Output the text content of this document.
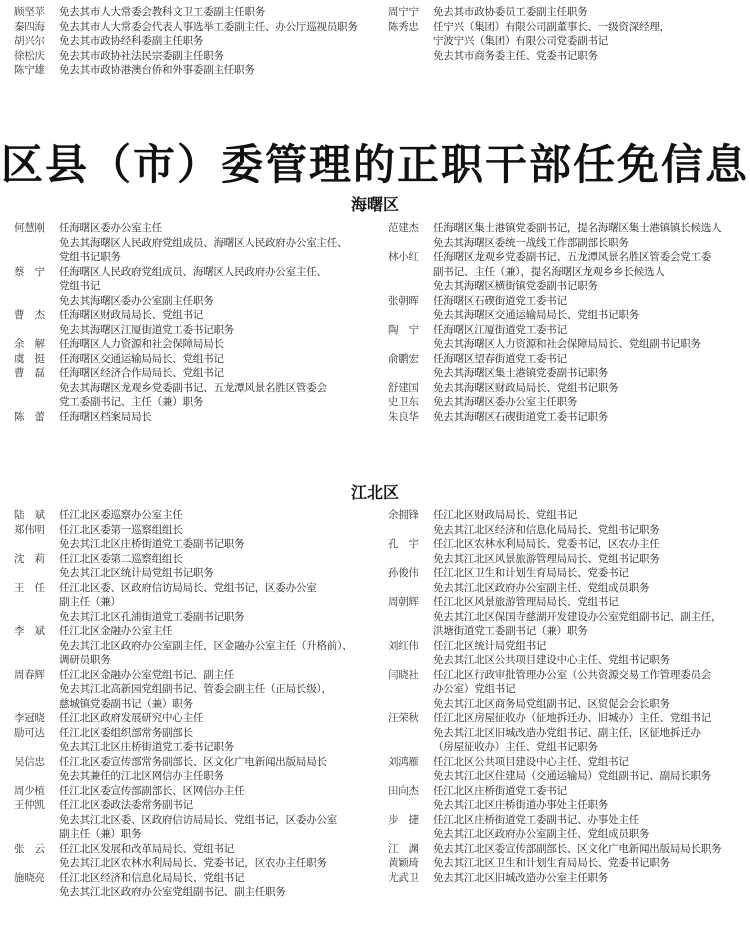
顾坚苹	免去其市人大常委会教科文卫工委副主任职务
秦四海	免去其市人大常委会代表人事选举工委副主任、办公厅巡视员职务
胡兴尔	免去其市政协经科委副主任职务
徐松庆	免去其市政协社法民宗委副主任职务
陈宁雄	免去其市政协港澳台侨和外事委副主任职务
周宁宁	免去其市政协委员工委副主任职务
陈秀忠	任宁兴（集团）有限公司副董事长、一级资深经理，
宁波宁兴（集团）有限公司党委副书记
免去其市商务委主任、党委书记职务
区县（市）委管理的正职干部任免信息
海曙区
何慧刚	任海曙区委办公室主任
免去其海曙区人民政府党组成员、海曙区人民政府办公室主任、
党组书记职务
蔡宁 任海曙区人民政府党组成员、海曙区人民政府办公室主任、
党组书记
免去其海曙区委办公室副主任职务
曹杰 任海曙区财政局局长、党组书记
免去其海曙区江厦街道党工委书记职务
余解 任海曙区人力资源和社会保障局局长
虞挺 任海曙区交通运输局局长、党组书记
曹磊 任海曙区经济合作局局长、党组书记
免去其海曙区龙观乡党委副书记、五龙潭风景名胜区管委会
党工委副书记、主任（兼）职务
陈蕾 任海曙区档案局局长
范建杰	任海曙区集士港镇党委副书记，提名海曙区集士港镇镇长候选人
免去其海曙区委统一战线工作部副部长职务
林小红	任海曙区龙观乡党委副书记、五龙潭风景名胜区管委会党工委
副书记、主任（兼），提名海曙区龙观乡乡长候选人
免去其海曙区横街镇党委副书记职务
张朝晖	任海曙区石碶街道党工委书记
免去其海曙区交通运输局局长、党组书记职务
陶宁 任海曙区江厦街道党工委书记
免去其海曙区人力资源和社会保障局局长、党组副书记职务
俞鹏宏	任海曙区望春街道党工委书记
免去其海曙区集士港镇党委副书记职务
舒建国	免去其海曙区财政局局长、党组书记职务
史卫东	免去其海曙区委办公室主任职务
朱良华	免去其海曙区石碶街道党工委书记职务
江北区
陆斌 任江北区委巡察办公室主任
郑伟明	任江北区委第一巡察组组长
免去其江北区庄桥街道党工委副书记职务
沈莉 任江北区委第二巡察组组长
免去其江北区统计局党组书记职务
王任 任江北区委、区政府信访局局长、党组书记，区委办公室
副主任（兼）
免去其江北区孔浦街道党工委副书记职务
李斌 任江北区金融办公室主任
免去其江北区政府办公室副主任，区金融办公室主任（升格前）、
调研员职务
周春辉	任江北区金融办公室党组书记、副主任
免去其江北高新园党组副书记、管委会副主任（正局长级），
慈城镇党委副书记（兼）职务
李冠晓	任江北区政府发展研究中心主任
励可达	任江北区委组织部常务副部长
免去其江北区庄桥街道党工委书记职务
吴信忠	任江北区委宣传部常务副部长、区文化广电新闻出版局局长
免去其兼任的江北区网信办主任职务
周少植	任江北区委宣传部副部长、区网信办主任
王仲凯	任江北区委政法委常务副书记
免去其江北区委、区政府信访局局长、党组书记，区委办公室
副主任（兼）职务
张云 任江北区发展和改革局局长、党组书记
免去其江北区农林水利局局长、党委书记，区农办主任职务
施晓亮	任江北区经济和信息化局局长、党组书记
免去其江北区政府办公室党组副书记、副主任职务
余拥锋	任江北区财政局局长、党组书记
免去其江北区经济和信息化局局长、党组书记职务
孔宇 任江北区农林水利局局长、党委书记，区农办主任
免去其江北区风景旅游管理局局长、党组书记职务
孙俊伟	任江北区卫生和计划生育局局长、党委书记
免去其江北区政府办公室副主任、党组成员职务
周朝辉	任江北区风景旅游管理局局长、党组书记
免去其江北区保国寺慈湖开发建设办公室党组副书记、副主任，
洪塘街道党工委副书记（兼）职务
刘红伟	任江北区统计局党组书记
免去其江北区公共项目建设中心主任、党组书记职务
闫晓社	任江北区行政审批管理办公室（公共资源交易工作管理委员会
办公室）党组书记
免去其江北区商务局党组副书记、区贸促会会长职务
汪荣秋	任江北区房屋征收办（征地拆迁办、旧城办）主任、党组书记
免去其江北区旧城改造办党组书记、副主任，区征地拆迁办
（房屋征收办）主任、党组书记职务
刘鸿雁	任江北区公共项目建设中心主任、党组书记
免去其江北区住建局（交通运输局）党组副书记、副局长职务
田向杰	任江北区庄桥街道党工委书记
免去其江北区庄桥街道办事处主任职务
步捷 任江北区庄桥街道党工委副书记、办事处主任
免去其江北区政府办公室副主任、党组成员职务
江渊 免去其江北区委宣传部副部长、区文化广电新闻出版局局长职务
黄颖琦	免去其江北区卫生和计划生育局局长、党委书记职务
尤武卫	免去其江北区旧城改造办公室主任职务
